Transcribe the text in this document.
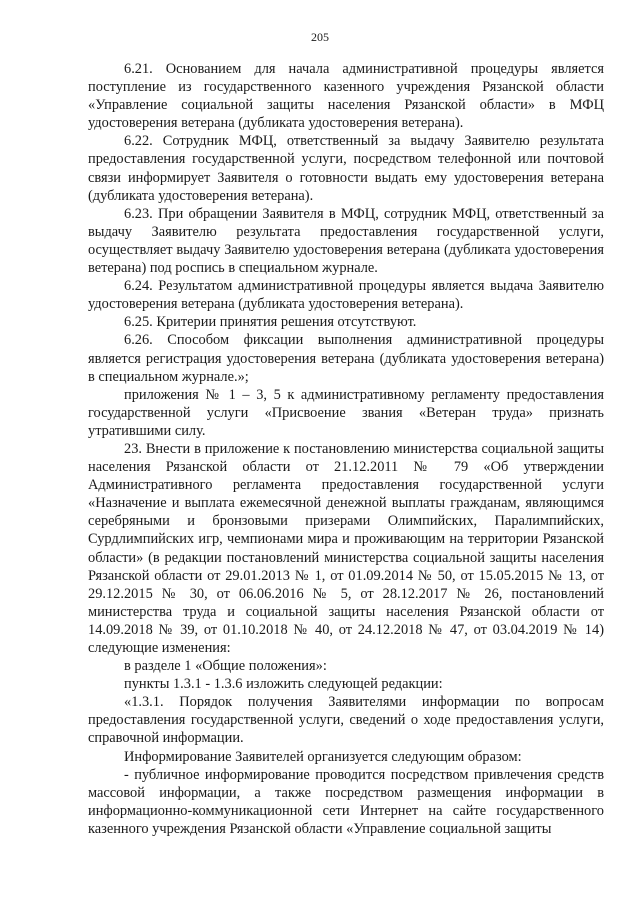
205

6.21. Основанием для начала административной процедуры является поступление из государственного казенного учреждения Рязанской области «Управление социальной защиты населения Рязанской области» в МФЦ удостоверения ветерана (дубликата удостоверения ветерана).

6.22. Сотрудник МФЦ, ответственный за выдачу Заявителю результата предоставления государственной услуги, посредством телефонной или почтовой связи информирует Заявителя о готовности выдать ему удостоверения ветерана (дубликата удостоверения ветерана).

6.23. При обращении Заявителя в МФЦ, сотрудник МФЦ, ответственный за выдачу Заявителю результата предоставления государственной услуги, осуществляет выдачу Заявителю удостоверения ветерана (дубликата удостоверения ветерана) под роспись в специальном журнале.

6.24. Результатом административной процедуры является выдача Заявителю удостоверения ветерана (дубликата удостоверения ветерана).

6.25. Критерии принятия решения отсутствуют.

6.26. Способом фиксации выполнения административной процедуры является регистрация удостоверения ветерана (дубликата удостоверения ветерана) в специальном журнале.»;

приложения № 1 – 3, 5 к административному регламенту предоставления государственной услуги «Присвоение звания «Ветеран труда» признать утратившими силу.

23. Внести в приложение к постановлению министерства социальной защиты населения Рязанской области от 21.12.2011 № 79 «Об утверждении Административного регламента предоставления государственной услуги «Назначение и выплата ежемесячной денежной выплаты гражданам, являющимся серебряными и бронзовыми призерами Олимпийских, Паралимпийских, Сурдлимпийских игр, чемпионами мира и проживающим на территории Рязанской области» (в редакции постановлений министерства социальной защиты населения Рязанской области от 29.01.2013 № 1, от 01.09.2014 № 50, от 15.05.2015 № 13, от 29.12.2015 № 30, от 06.06.2016 № 5, от 28.12.2017 № 26, постановлений министерства труда и социальной защиты населения Рязанской области от 14.09.2018 № 39, от 01.10.2018 № 40, от 24.12.2018 № 47, от 03.04.2019 № 14) следующие изменения:

в разделе 1 «Общие положения»:

пункты 1.3.1 - 1.3.6 изложить следующей редакции:

«1.3.1. Порядок получения Заявителями информации по вопросам предоставления государственной услуги, сведений о ходе предоставления услуги, справочной информации.

Информирование Заявителей организуется следующим образом:

- публичное информирование проводится посредством привлечения средств массовой информации, а также посредством размещения информации в информационно-коммуникационной сети Интернет на сайте государственного казенного учреждения Рязанской области «Управление социальной защиты
